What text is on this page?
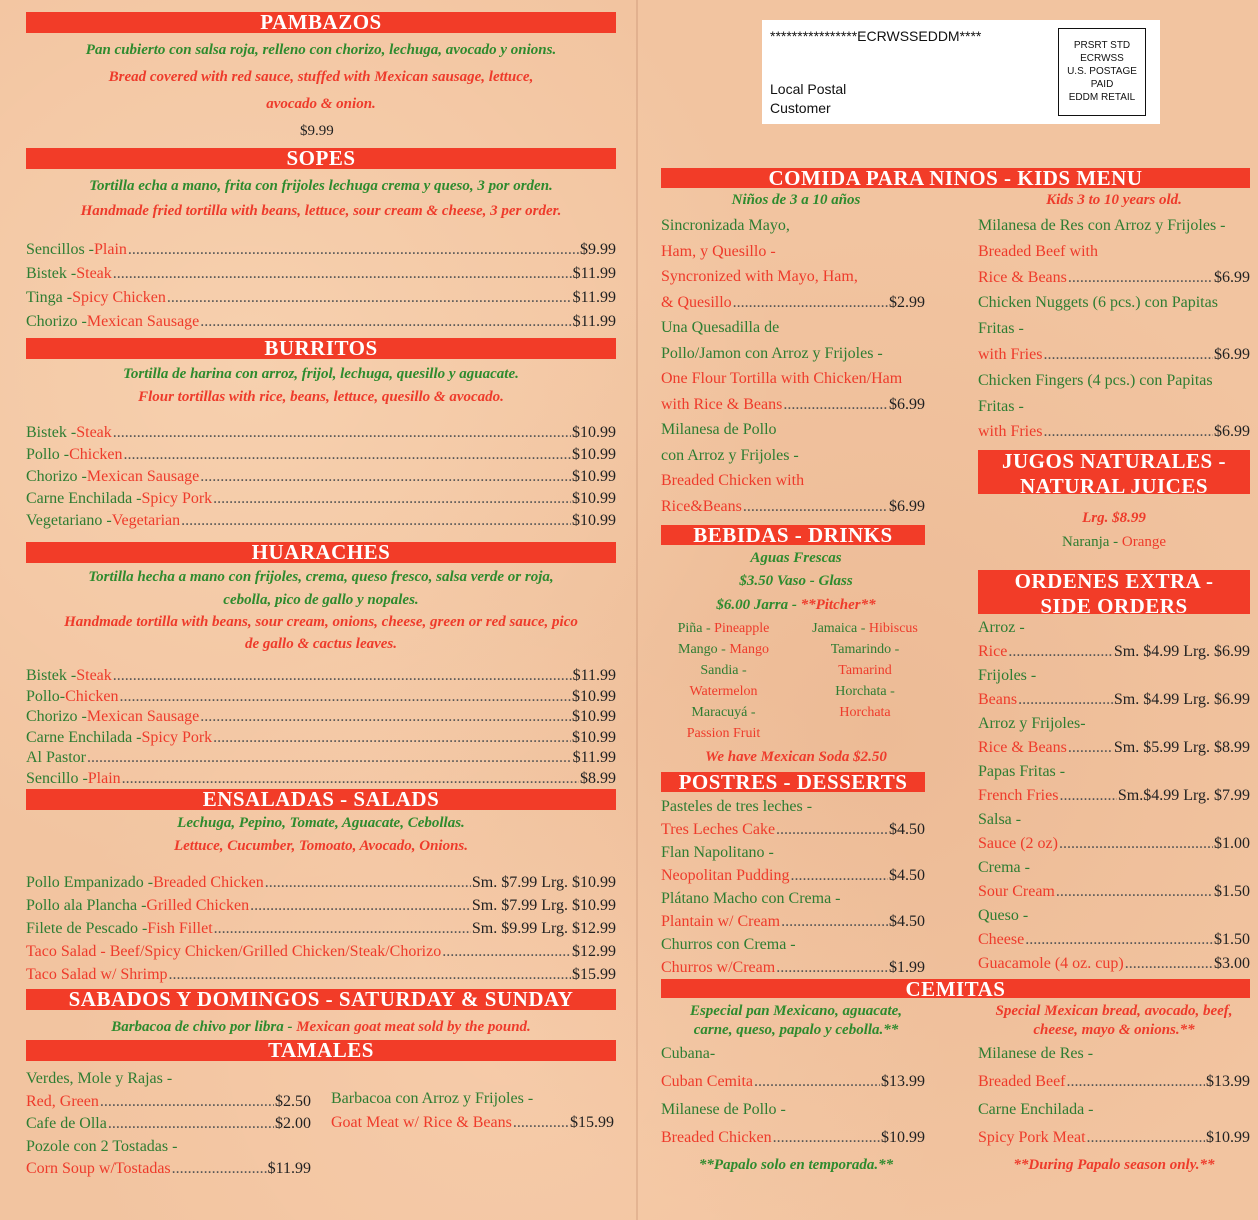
PAMBAZOS
Pan cubierto con salsa roja, relleno con chorizo, lechuga, avocado y onions.
Bread covered with red sauce, stuffed with Mexican sausage, lettuce,
avocado & onion.
$9.99
SOPES
Tortilla echa a mano, frita con frijoles lechuga crema y queso, 3 por orden.
Handmade fried tortilla with beans, lettuce, sour cream & cheese, 3 per order.
Sencillos - Plain .....	$9.99
Bistek - Steak .....	$11.99
Tinga - Spicy Chicken .....	$11.99
Chorizo - Mexican Sausage .....	$11.99
BURRITOS
Tortilla de harina con arroz, frijol, lechuga, quesillo y aguacate.
Flour tortillas with rice, beans, lettuce, quesillo & avocado.
Bistek - Steak .....	$10.99
Pollo - Chicken .....	$10.99
Chorizo - Mexican Sausage .....	$10.99
Carne Enchilada - Spicy Pork .....	$10.99
Vegetariano - Vegetarian .....	$10.99
HUARACHES
Tortilla hecha a mano con frijoles, crema, queso fresco, salsa verde or roja,
cebolla, pico de gallo y nopales.
Handmade tortilla with beans, sour cream, onions, cheese, green or red sauce, pico
de gallo & cactus leaves.
Bistek - Steak .....	$11.99
Pollo- Chicken .....	$10.99
Chorizo - Mexican Sausage .....	$10.99
Carne Enchilada - Spicy Pork .....	$10.99
Al Pastor .....	$11.99
Sencillo - Plain .....	$8.99
ENSALADAS - SALADS
Lechuga, Pepino, Tomate, Aguacate, Cebollas.
Lettuce, Cucumber, Tomoato, Avocado, Onions.
Pollo Empanizado - Breaded Chicken .....	Sm. $7.99 Lrg. $10.99
Pollo ala Plancha - Grilled Chicken .....	Sm. $7.99 Lrg. $10.99
Filete de Pescado - Fish Fillet .....	Sm. $9.99 Lrg. $12.99
Taco Salad - Beef/Spicy Chicken/Grilled Chicken/Steak/Chorizo .....	$12.99
Taco Salad w/ Shrimp .....	$15.99
SABADOS Y DOMINGOS - SATURDAY & SUNDAY
Barbacoa de chivo por libra - Mexican goat meat sold by the pound.
TAMALES
Verdes, Mole y Rajas -
Red, Green .....	$2.50
Cafe de Olla .....	$2.00
Pozole con 2 Tostadas -
Corn Soup w/Tostadas .....	$11.99
Barbacoa con Arroz y Frijoles -
Goat Meat w/ Rice & Beans .....	$15.99
****************ECRWSSEDDM****
Local Postal
Customer
PRSRT STD
ECRWSS
U.S. POSTAGE
PAID
EDDM RETAIL
COMIDA PARA NINOS - KIDS MENU
Niños de 3 a 10 años	Kids 3 to 10 years old.
Sincronizada Mayo,
Ham, y Quesillo -
Syncronized with Mayo, Ham,
& Quesillo .....	$2.99
Una Quesadilla de
Pollo/Jamon con Arroz y Frijoles -
One Flour Tortilla with Chicken/Ham
with Rice & Beans .....	$6.99
Milanesa de Pollo
con Arroz y Frijoles -
Breaded Chicken with
Rice&Beans .....	$6.99
Milanesa de Res con Arroz y Frijoles -
Breaded Beef with
Rice & Beans .....	$6.99
Chicken Nuggets (6 pcs.) con Papitas
Fritas -
with Fries .....	$6.99
Chicken Fingers (4 pcs.) con Papitas
Fritas -
with Fries .....	$6.99
JUGOS NATURALES -
NATURAL JUICES
Lrg. $8.99
Naranja - Orange
BEBIDAS - DRINKS
Aguas Frescas
$3.50 Vaso - Glass
$6.00 Jarra - **Pitcher**
Piña - Pineapple
Mango - Mango
Sandia -
Watermelon
Maracuyá -
Passion Fruit
Jamaica - Hibiscus
Tamarindo -
Tamarind
Horchata -
Horchata
We have Mexican Soda $2.50
POSTRES - DESSERTS
Pasteles de tres leches -
Tres Leches Cake .....	$4.50
Flan Napolitano -
Neopolitan Pudding .....	$4.50
Plátano Macho con Crema -
Plantain w/ Cream .....	$4.50
Churros con Crema -
Churros w/Cream .....	$1.99
ORDENES EXTRA -
SIDE ORDERS
Arroz -
Rice .....	Sm. $4.99 Lrg. $6.99
Frijoles -
Beans .....	Sm. $4.99 Lrg. $6.99
Arroz y Frijoles-
Rice & Beans .....	Sm. $5.99 Lrg. $8.99
Papas Fritas -
French Fries .....	Sm.$4.99 Lrg. $7.99
Salsa -
Sauce (2 oz) .....	$1.00
Crema -
Sour Cream .....	$1.50
Queso -
Cheese .....	$1.50
Guacamole (4 oz. cup) .....	$3.00
CEMITAS
Especial pan Mexicano, aguacate,
carne, queso, papalo y cebolla.**
Special Mexican bread, avocado, beef,
cheese, mayo & onions.**
Cubana-
Cuban Cemita .....	$13.99
Milanese de Pollo -
Breaded Chicken .....	$10.99
Milanese de Res -
Breaded Beef .....	$13.99
Carne Enchilada -
Spicy Pork Meat .....	$10.99
**Papalo solo en temporada.**	**During Papalo season only.**
